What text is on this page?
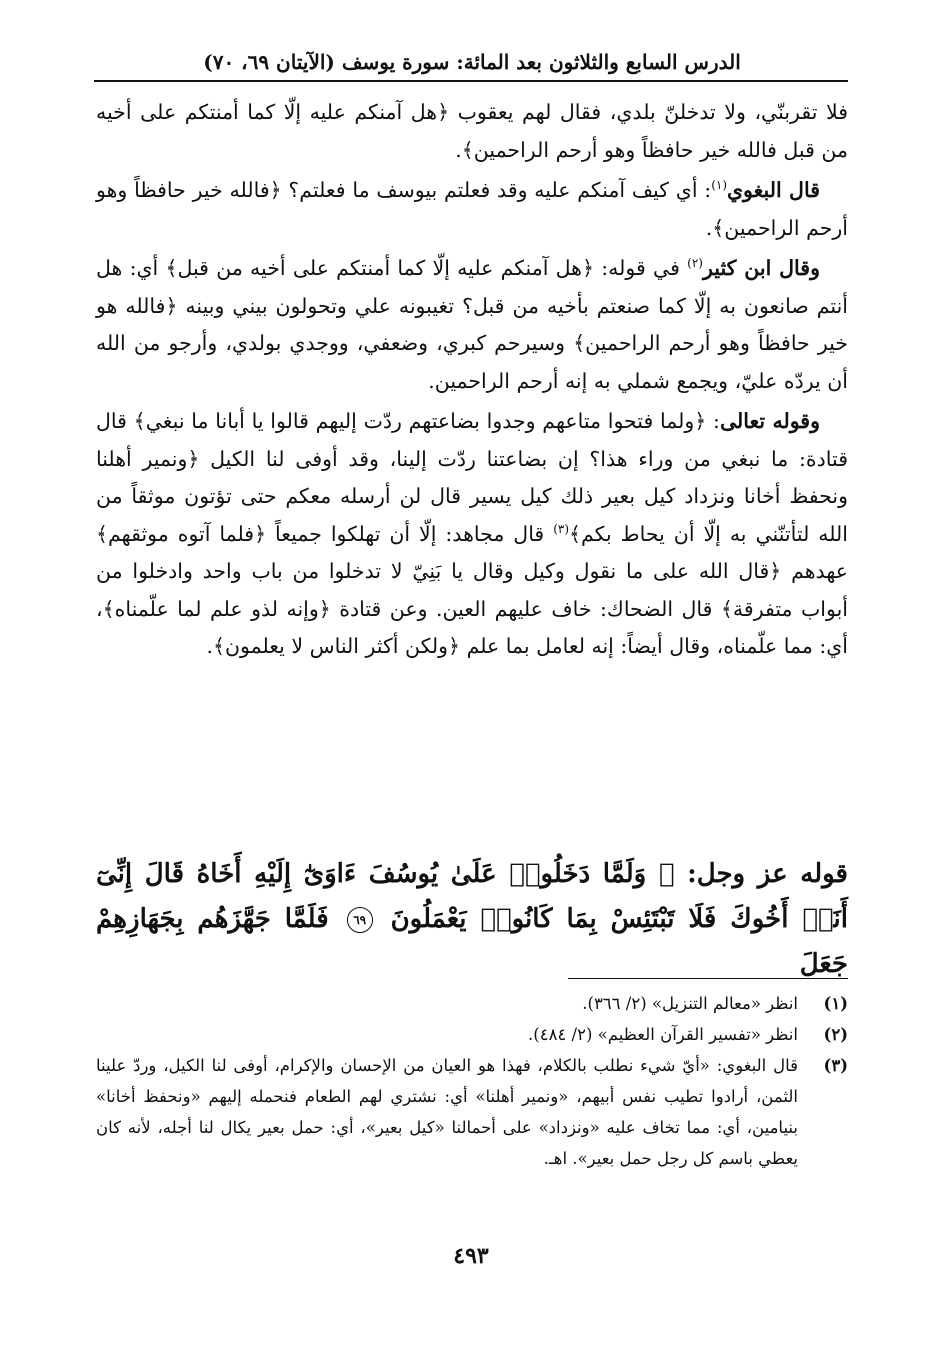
الدرس السابع والثلاثون بعد المائة: سورة يوسف (الآيتان ٦٩، ٧٠)

فلا تقربنّي، ولا تدخلنّ بلدي، فقال لهم يعقوب ﴿هل آمنكم عليه إلّا كما أمنتكم على أخيه من قبل فالله خير حافظاً وهو أرحم الراحمين﴾.

قال البغوي$^{(١)}$: أي كيف آمنكم عليه وقد فعلتم بيوسف ما فعلتم؟ ﴿فالله خير حافظاً وهو أرحم الراحمين﴾.

وقال ابن كثير$^{(٢)}$ في قوله: ﴿هل آمنكم عليه إلّا كما أمنتكم على أخيه من قبل﴾ أي: هل أنتم صانعون به إلّا كما صنعتم بأخيه من قبل؟ تغيبونه علي وتحولون بيني وبينه ﴿فالله هو خير حافظاً وهو أرحم الراحمين﴾ وسيرحم كبري، وضعفي، ووجدي بولدي، وأرجو من الله أن يردّه عليّ، ويجمع شملي به إنه أرحم الراحمين.

وقوله تعالى: ﴿ولما فتحوا متاعهم وجدوا بضاعتهم ردّت إليهم قالوا يا أبانا ما نبغي﴾ قال قتادة: ما نبغي من وراء هذا؟ إن بضاعتنا ردّت إلينا، وقد أوفى لنا الكيل ﴿ونمير أهلنا ونحفظ أخانا ونزداد كيل بعير ذلك كيل يسير قال لن أرسله معكم حتى تؤتون موثقاً من الله لتأتنّني به إلّا أن يحاط بكم﴾$^{(٣)}$ قال مجاهد: إلّا أن تهلكوا جميعاً ﴿فلما آتوه موثقهم﴾ عهدهم ﴿قال الله على ما نقول وكيل وقال يا بَنِيّ لا تدخلوا من باب واحد وادخلوا من أبواب متفرقة﴾ قال الضحاك: خاف عليهم العين. وعن قتادة ﴿وإنه لذو علم لما علّمناه﴾، أي: مما علّمناه، وقال أيضاً: إنه لعامل بما علم ﴿ولكن أكثر الناس لا يعلمون﴾.

قوله عز وجل: ﴿ وَلَمَّا دَخَلُوا۟ عَلَىٰ يُوسُفَ ءَاوَىٰٓ إِلَيْهِ أَخَاهُ قَالَ إِنِّىٓ أَنَا۠ أَخُوكَ فَلَا تَبْتَئِسْ بِمَا كَانُوا۟ يَعْمَلُونَ ٦٩ فَلَمَّا جَهَّزَهُم بِجَهَازِهِمْ جَعَلَ

(١)
انظر «معالم التنزيل» (٢/ ٣٦٦).
(٢)
انظر «تفسير القرآن العظيم» (٢/ ٤٨٤).
(٣)
قال البغوي: «أيّ شيء نطلب بالكلام، فهذا هو العيان من الإحسان والإكرام، أوفى لنا الكيل، وردّ علينا الثمن، أرادوا تطيب نفس أبيهم، «ونمير أهلنا» أي: نشتري لهم الطعام فنحمله إليهم «ونحفظ أخانا» بنيامين، أي: مما تخاف عليه «ونزداد» على أحمالنا «كيل بعير»، أي: حمل بعير يكال لنا أجله، لأنه كان يعطي باسم كل رجل حمل بعير». اهـ.
٤٩٣
